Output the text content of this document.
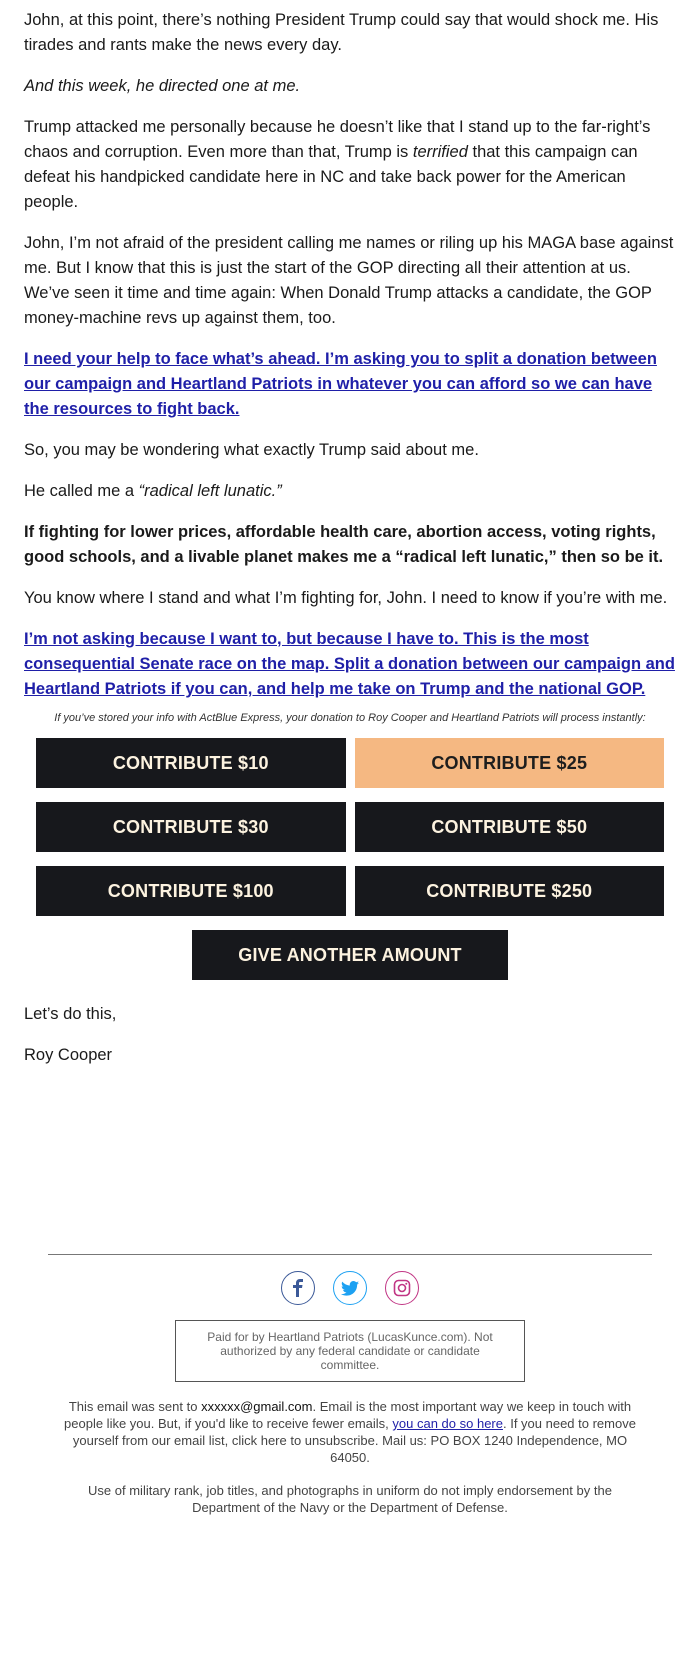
John, at this point, there’s nothing President Trump could say that would shock me. His tirades and rants make the news every day.

And this week, he directed one at me.

Trump attacked me personally because he doesn’t like that I stand up to the far-right’s chaos and corruption. Even more than that, Trump is terrified that this campaign can defeat his handpicked candidate here in NC and take back power for the American people.

John, I’m not afraid of the president calling me names or riling up his MAGA base against me. But I know that this is just the start of the GOP directing all their attention at us. We’ve seen it time and time again: When Donald Trump attacks a candidate, the GOP money-machine revs up against them, too.

I need your help to face what’s ahead. I’m asking you to split a donation between our campaign and Heartland Patriots in whatever you can afford so we can have the resources to fight back.

So, you may be wondering what exactly Trump said about me.

He called me a “radical left lunatic.”

If fighting for lower prices, affordable health care, abortion access, voting rights, good schools, and a livable planet makes me a “radical left lunatic,” then so be it.

You know where I stand and what I’m fighting for, John. I need to know if you’re with me.

I’m not asking because I want to, but because I have to. This is the most consequential Senate race on the map. Split a donation between our campaign and Heartland Patriots if you can, and help me take on Trump and the national GOP.

If you’ve stored your info with ActBlue Express, your donation to Roy Cooper and Heartland Patriots will process instantly:
CONTRIBUTE $10	CONTRIBUTE $25
CONTRIBUTE $30	CONTRIBUTE $50
CONTRIBUTE $100	CONTRIBUTE $250
GIVE ANOTHER AMOUNT

Let’s do this,

Roy Cooper

Paid for by Heartland Patriots (LucasKunce.com). Not authorized by any federal candidate or candidate committee.
This email was sent to xxxxxx@gmail.com. Email is the most important way we keep in touch with people like you. But, if you'd like to receive fewer emails, you can do so here. If you need to remove yourself from our email list, click here to unsubscribe. Mail us: PO BOX 1240 Independence, MO 64050.
Use of military rank, job titles, and photographs in uniform do not imply endorsement by the Department of the Navy or the Department of Defense.
